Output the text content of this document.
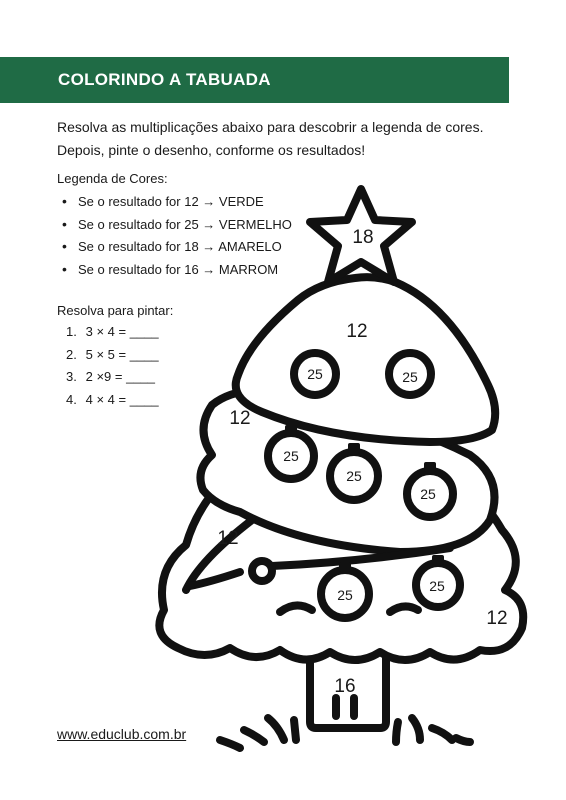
COLORINDO A TABUADA

Resolva as multiplicações abaixo para descobrir a legenda de cores.

Depois, pinte o desenho, conforme os resultados!

Legenda de Cores:
• Se o resultado for 12 → VERDE
• Se o resultado for 25 → VERMELHO
• Se o resultado for 18 → AMARELO
• Se o resultado for 16 → MARROM
Resolva para pintar:
1. 3 × 4 = ____
2. 5 × 5 = ____
3. 2 ×9 = ____
4. 4 × 4 = ____
18
12
12
12
12
16
25	25
25
25
25
25
25
www.educlub.com.br
